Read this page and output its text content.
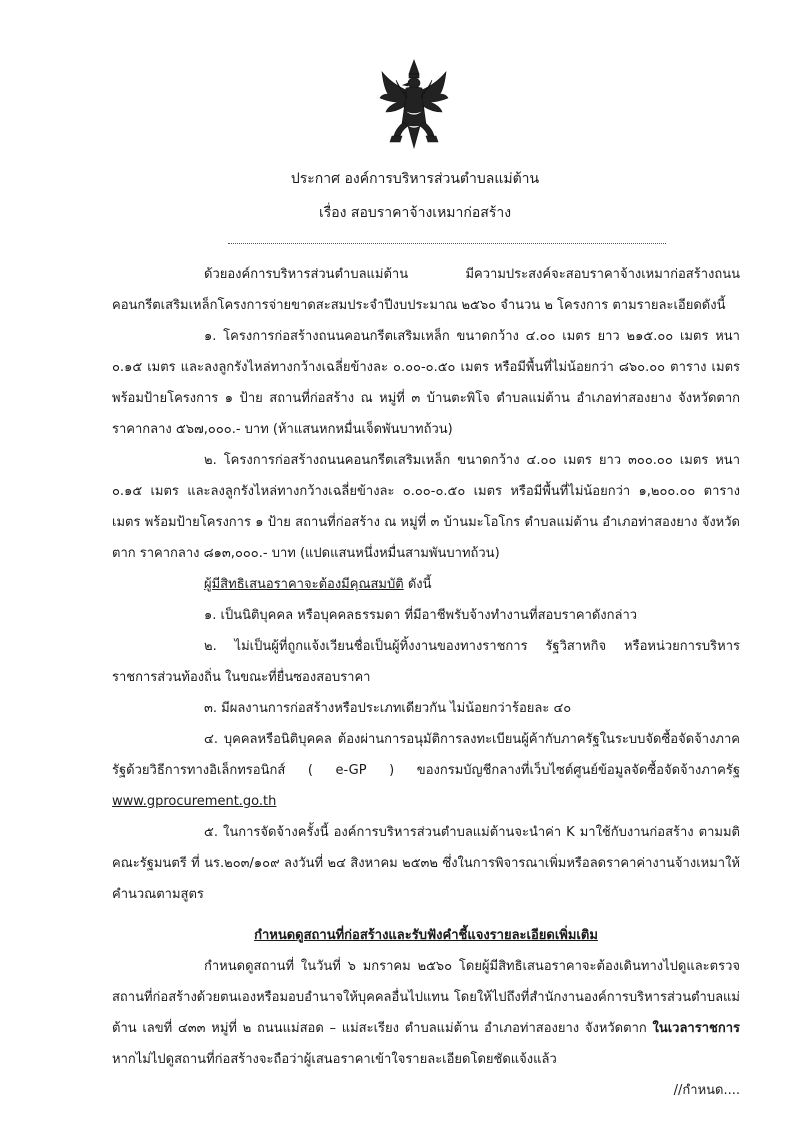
ประกาศ องค์การบริหารส่วนตำบลแม่ต้าน
เรื่อง สอบราคาจ้างเหมาก่อสร้าง

ด้วยองค์การบริหารส่วนตำบลแม่ต้าน มีความประสงค์จะสอบราคาจ้างเหมาก่อสร้างถนนคอนกรีตเสริมเหล็กโครงการจ่ายขาดสะสมประจำปีงบประมาณ ๒๕๖๐ จำนวน ๒ โครงการ ตามรายละเอียดดังนี้

๑. โครงการก่อสร้างถนนคอนกรีตเสริมเหล็ก ขนาดกว้าง ๔.๐๐ เมตร ยาว ๒๑๕.๐๐ เมตร หนา ๐.๑๕ เมตร และลงลูกรังไหล่ทางกว้างเฉลี่ยข้างละ ๐.๐๐-๐.๕๐ เมตร หรือมีพื้นที่ไม่น้อยกว่า ๘๖๐.๐๐ ตาราง เมตร พร้อมป้ายโครงการ ๑ ป้าย สถานที่ก่อสร้าง ณ หมู่ที่ ๓ บ้านตะพิโจ ตำบลแม่ต้าน อำเภอท่าสองยาง จังหวัดตาก ราคากลาง ๕๖๗,๐๐๐.- บาท (ห้าแสนหกหมื่นเจ็ดพันบาทถ้วน)

๒. โครงการก่อสร้างถนนคอนกรีตเสริมเหล็ก ขนาดกว้าง ๔.๐๐ เมตร ยาว ๓๐๐.๐๐ เมตร หนา ๐.๑๕ เมตร และลงลูกรังไหล่ทางกว้างเฉลี่ยข้างละ ๐.๐๐-๐.๕๐ เมตร หรือมีพื้นที่ไม่น้อยกว่า ๑,๒๐๐.๐๐ ตาราง เมตร พร้อมป้ายโครงการ ๑ ป้าย สถานที่ก่อสร้าง ณ หมู่ที่ ๓ บ้านมะโอโกร ตำบลแม่ต้าน อำเภอท่าสองยาง จังหวัดตาก ราคากลาง ๘๑๓,๐๐๐.- บาท (แปดแสนหนึ่งหมื่นสามพันบาทถ้วน)

ผู้มีสิทธิเสนอราคาจะต้องมีคุณสมบัติ ดังนี้

๑. เป็นนิติบุคคล หรือบุคคลธรรมดา ที่มีอาชีพรับจ้างทำงานที่สอบราคาดังกล่าว

๒. ไม่เป็นผู้ที่ถูกแจ้งเวียนชื่อเป็นผู้ทิ้งงานของทางราชการ รัฐวิสาหกิจ หรือหน่วยการบริหารราชการส่วนท้องถิ่น ในขณะที่ยื่นซองสอบราคา

๓. มีผลงานการก่อสร้างหรือประเภทเดียวกัน ไม่น้อยกว่าร้อยละ ๔๐

๔. บุคคลหรือนิติบุคคล ต้องผ่านการอนุมัติการลงทะเบียนผู้ค้ากับภาครัฐในระบบจัดซื้อจัดจ้างภาครัฐด้วยวิธีการทางอิเล็กทรอนิกส์ ( e-GP ) ของกรมบัญชีกลางที่เว็บไซต์ศูนย์ข้อมูลจัดซื้อจัดจ้างภาครัฐ www.gprocurement.go.th

๕. ในการจัดจ้างครั้งนี้ องค์การบริหารส่วนตำบลแม่ต้านจะนำค่า K มาใช้กับงานก่อสร้าง ตามมติคณะรัฐมนตรี ที่ นร.๒๐๓/๑๐๙ ลงวันที่ ๒๔ สิงหาคม ๒๕๓๒ ซึ่งในการพิจารณาเพิ่มหรือลดราคาค่างานจ้างเหมาให้คำนวณตามสูตร

กำหนดดูสถานที่ก่อสร้างและรับฟังคำชี้แจงรายละเอียดเพิ่มเติม

กำหนดดูสถานที่ ในวันที่ ๖ มกราคม ๒๕๖๐ โดยผู้มีสิทธิเสนอราคาจะต้องเดินทางไปดูและตรวจสถานที่ก่อสร้างด้วยตนเองหรือมอบอำนาจให้บุคคลอื่นไปแทน โดยให้ไปถึงที่สำนักงานองค์การบริหารส่วนตำบลแม่ต้าน เลขที่ ๔๓๓ หมู่ที่ ๒ ถนนแม่สอด – แม่สะเรียง ตำบลแม่ต้าน อำเภอท่าสองยาง จังหวัดตาก ในเวลาราชการ หากไม่ไปดูสถานที่ก่อสร้างจะถือว่าผู้เสนอราคาเข้าใจรายละเอียดโดยชัดแจ้งแล้ว

//กำหนด....
